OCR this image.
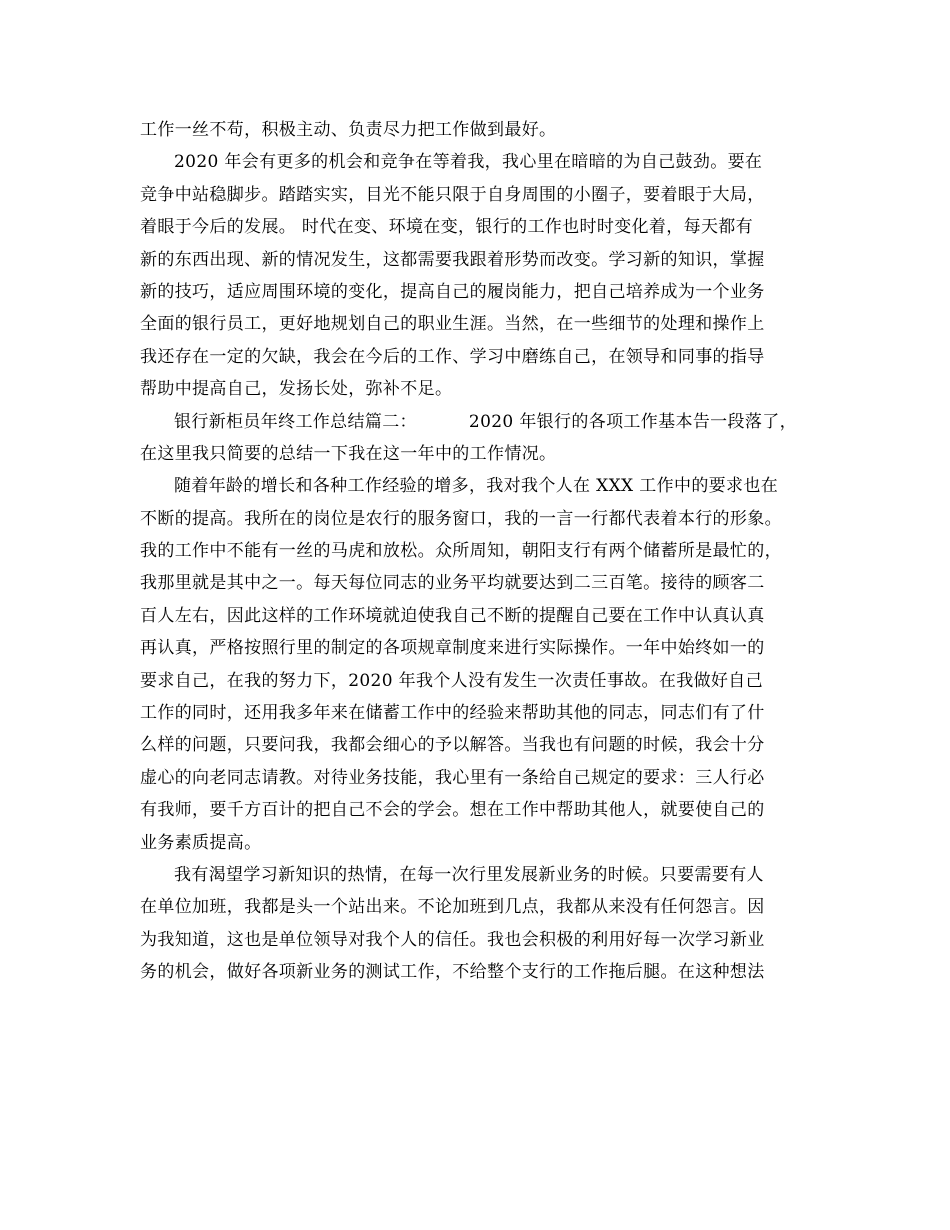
工作一丝不苟，积极主动、负责尽力把工作做到最好。
2020 年会有更多的机会和竞争在等着我，我心里在暗暗的为自己鼓劲。要在
竞争中站稳脚步。踏踏实实，目光不能只限于自身周围的小圈子，要着眼于大局，
着眼于今后的发展。 时代在变、环境在变，银行的工作也时时变化着，每天都有
新的东西出现、新的情况发生，这都需要我跟着形势而改变。学习新的知识，掌握
新的技巧，适应周围环境的变化，提高自己的履岗能力，把自己培养成为一个业务
全面的银行员工，更好地规划自己的职业生涯。当然，在一些细节的处理和操作上
我还存在一定的欠缺，我会在今后的工作、学习中磨练自己，在领导和同事的指导
帮助中提高自己，发扬长处，弥补不足。
银行新柜员年终工作总结篇二：	2020 年银行的各项工作基本告一段落了，
在这里我只简要的总结一下我在这一年中的工作情况。
随着年龄的增长和各种工作经验的增多，我对我个人在 XXX 工作中的要求也在
不断的提高。我所在的岗位是农行的服务窗口，我的一言一行都代表着本行的形象。
我的工作中不能有一丝的马虎和放松。众所周知，朝阳支行有两个储蓄所是最忙的，
我那里就是其中之一。每天每位同志的业务平均就要达到二三百笔。接待的顾客二
百人左右，因此这样的工作环境就迫使我自己不断的提醒自己要在工作中认真认真
再认真，严格按照行里的制定的各项规章制度来进行实际操作。一年中始终如一的
要求自己，在我的努力下，2020 年我个人没有发生一次责任事故。在我做好自己
工作的同时，还用我多年来在储蓄工作中的经验来帮助其他的同志，同志们有了什
么样的问题，只要问我，我都会细心的予以解答。当我也有问题的时候，我会十分
虚心的向老同志请教。对待业务技能，我心里有一条给自己规定的要求：三人行必
有我师，要千方百计的把自己不会的学会。想在工作中帮助其他人，就要使自己的
业务素质提高。
我有渴望学习新知识的热情，在每一次行里发展新业务的时候。只要需要有人
在单位加班，我都是头一个站出来。不论加班到几点，我都从来没有任何怨言。因
为我知道，这也是单位领导对我个人的信任。我也会积极的利用好每一次学习新业
务的机会，做好各项新业务的测试工作，不给整个支行的工作拖后腿。在这种想法
